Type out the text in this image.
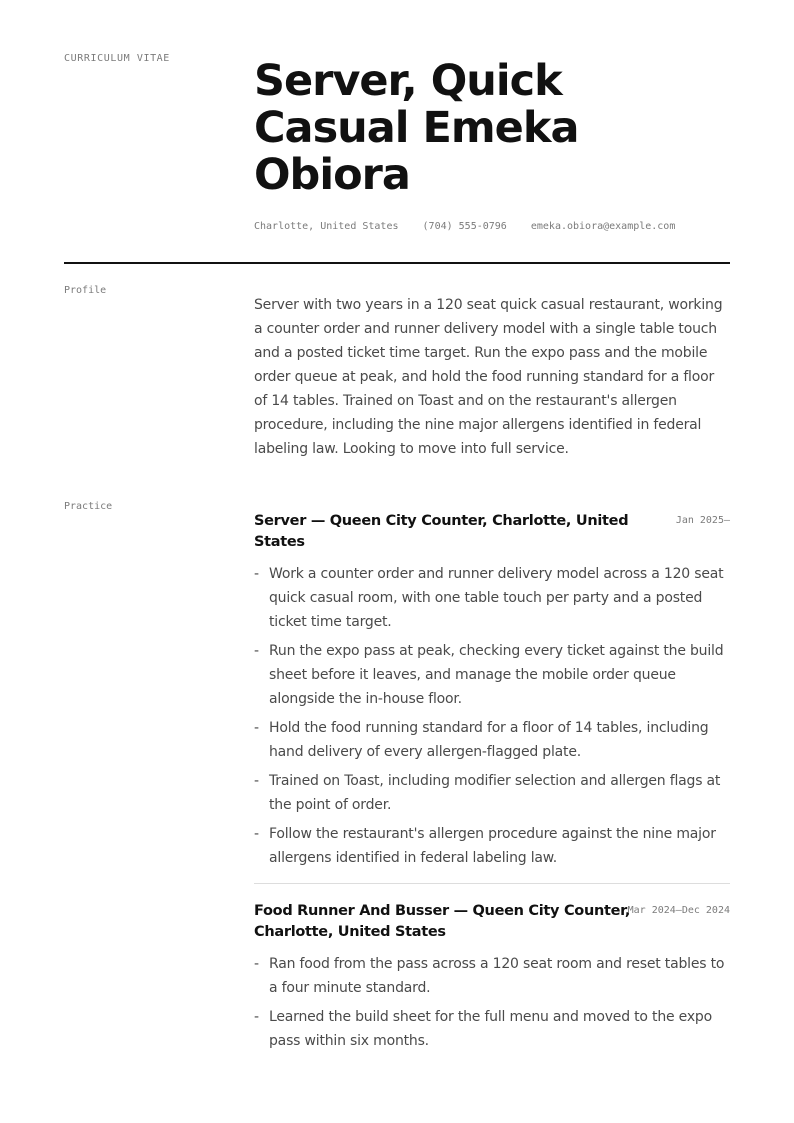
CURRICULUM VITAE Server, Quick Casual Emeka Obiora
Charlotte, United States (704) 555-0796 emeka.obiora@example.com
Profile

Server with two years in a 120 seat quick casual restaurant, working a counter order and runner delivery model with a single table touch and a posted ticket time target. Run the expo pass and the mobile order queue at peak, and hold the food running standard for a floor of 14 tables. Trained on Toast and on the restaurant's allergen procedure, including the nine major allergens identified in federal labeling law. Looking to move into full service.

Practice
Server — Queen City Counter, Charlotte, United States
Jan 2025–
- Work a counter order and runner delivery model across a 120 seat quick casual room, with one table touch per party and a posted ticket time target.
- Run the expo pass at peak, checking every ticket against the build sheet before it leaves, and manage the mobile order queue alongside the in-house floor.
- Hold the food running standard for a floor of 14 tables, including hand delivery of every allergen-flagged plate.
- Trained on Toast, including modifier selection and allergen flags at the point of order.
- Follow the restaurant's allergen procedure against the nine major allergens identified in federal labeling law.
Food Runner And Busser — Queen City Counter, Charlotte, United States
Mar 2024–Dec 2024
- Ran food from the pass across a 120 seat room and reset tables to a four minute standard.
- Learned the build sheet for the full menu and moved to the expo pass within six months.
